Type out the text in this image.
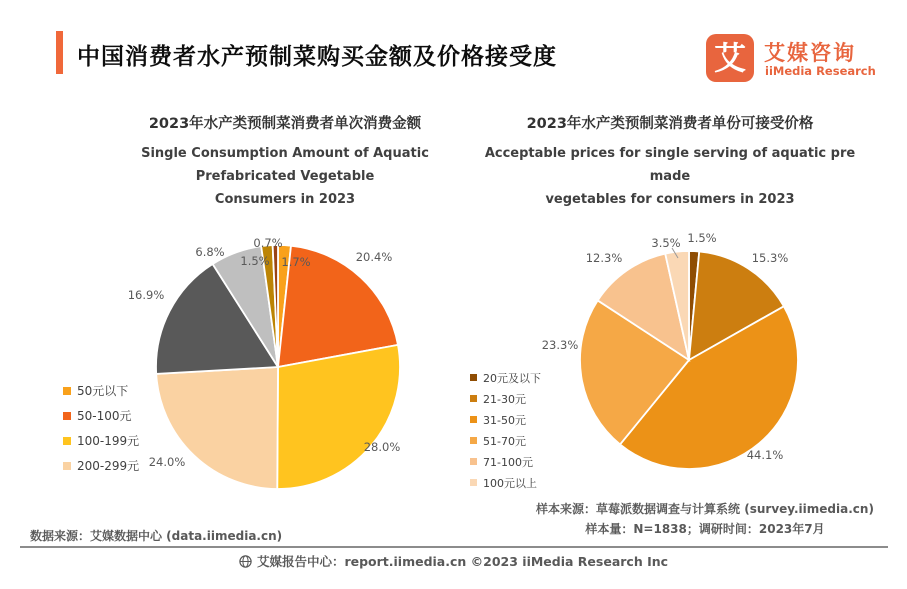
中国消费者水产预制菜购买金额及价格接受度	艾 艾媒咨询
iiMedia Research
2023年水产类预制菜消费者单次消费金额
Single Consumption Amount of Aquatic Prefabricated Vegetable
Consumers in 2023
2023年水产类预制菜消费者单份可接受价格
Acceptable prices for single serving of aquatic pre made
vegetables for consumers in 2023
1.7%	20.4%
28.0%
24.0%
16.9%
6.8%
1.5%
0.7%	1.5%
15.3%
44.1%
23.3%
12.3%
3.5%
50元以下
50-100元
100-199元
200-299元
20元及以下
21-30元
31-50元
51-70元
71-100元
100元以上
样本来源：草莓派数据调查与计算系统 (survey.iimedia.cn)
样本量：N=1838；调研时间：2023年7月
数据来源：艾媒数据中心 (data.iimedia.cn)
艾媒报告中心：report.iimedia.cn ©2023 iiMedia Research Inc
